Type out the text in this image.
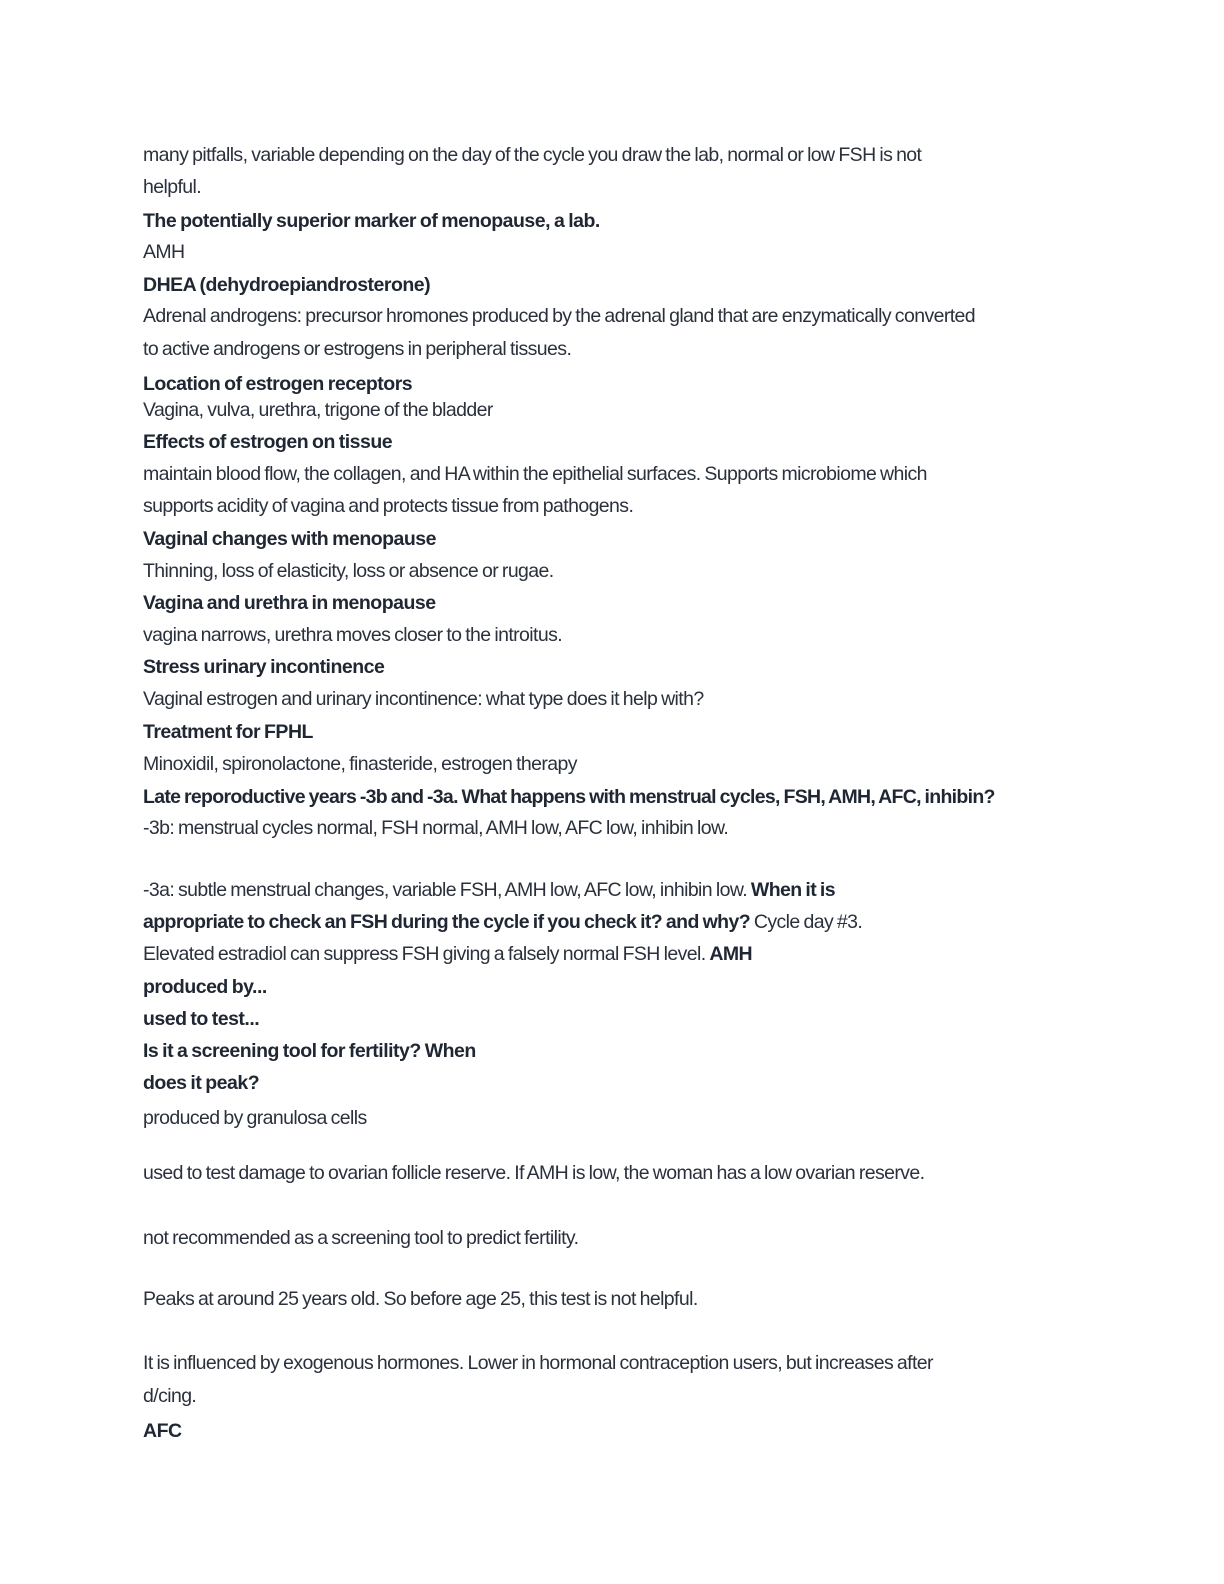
many pitfalls, variable depending on the day of the cycle you draw the lab, normal or low FSH is not
helpful.
The potentially superior marker of menopause, a lab.
AMH
DHEA (dehydroepiandrosterone)
Adrenal androgens: precursor hromones produced by the adrenal gland that are enzymatically converted
to active androgens or estrogens in peripheral tissues.
Location of estrogen receptors
Vagina, vulva, urethra, trigone of the bladder
Effects of estrogen on tissue
maintain blood flow, the collagen, and HA within the epithelial surfaces. Supports microbiome which
supports acidity of vagina and protects tissue from pathogens.
Vaginal changes with menopause
Thinning, loss of elasticity, loss or absence or rugae.
Vagina and urethra in menopause
vagina narrows, urethra moves closer to the introitus.
Stress urinary incontinence
Vaginal estrogen and urinary incontinence: what type does it help with?
Treatment for FPHL
Minoxidil, spironolactone, finasteride, estrogen therapy
Late reporoductive years -3b and -3a. What happens with menstrual cycles, FSH, AMH, AFC, inhibin?
-3b: menstrual cycles normal, FSH normal, AMH low, AFC low, inhibin low.
-3a: subtle menstrual changes, variable FSH, AMH low, AFC low, inhibin low. When it is
appropriate to check an FSH during the cycle if you check it? and why? Cycle day #3.
Elevated estradiol can suppress FSH giving a falsely normal FSH level. AMH
produced by...
used to test...
Is it a screening tool for fertility? When
does it peak?
produced by granulosa cells
used to test damage to ovarian follicle reserve. If AMH is low, the woman has a low ovarian reserve.
not recommended as a screening tool to predict fertility.
Peaks at around 25 years old. So before age 25, this test is not helpful.
It is influenced by exogenous hormones. Lower in hormonal contraception users, but increases after
d/cing.
AFC
